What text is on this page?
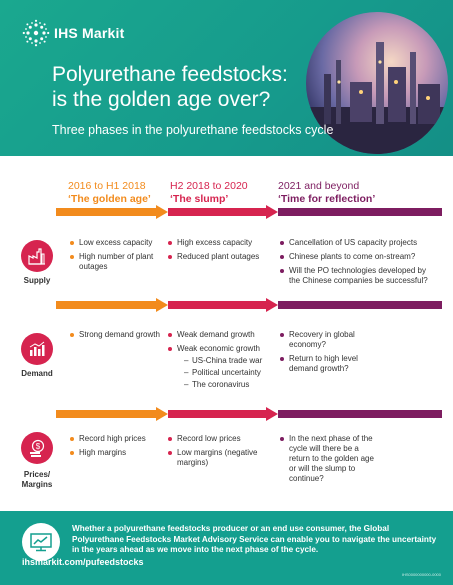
IHS Markit
Polyurethane feedstocks:
is the golden age over?
Three phases in the polyurethane feedstocks cycle
2016 to H1 2018
‘The golden age’
H2 2018 to 2020
‘The slump’
2021 and beyond
‘Time for reflection’
Supply
Low excess capacity
High number of plant outages
High excess capacity
Reduced plant outages
Cancellation of US capacity projects
Chinese plants to come on-stream?
Will the PO technologies developed by the Chinese companies be successful?
Demand
Strong demand growth	Weak demand growth
Weak economic growth
– US-China trade war
– Political uncertainty
– The coronavirus
Recovery in global economy?
Return to high level demand growth?
$
Prices/ Margins
Record high prices
High margins
Record low prices
Low margins (negative margins)
In the next phase of the cycle will there be a return to the golden age or will the slump to continue?
Whether a polyurethane feedstocks producer or an end use consumer, the Global Polyurethane Feedstocks Market Advisory Service can enable you to navigate the uncertainty in the years ahead as we move into the next phase of the cycle.
ihsmarkit.com/pufeedstocks
IHS0000000000-0000
